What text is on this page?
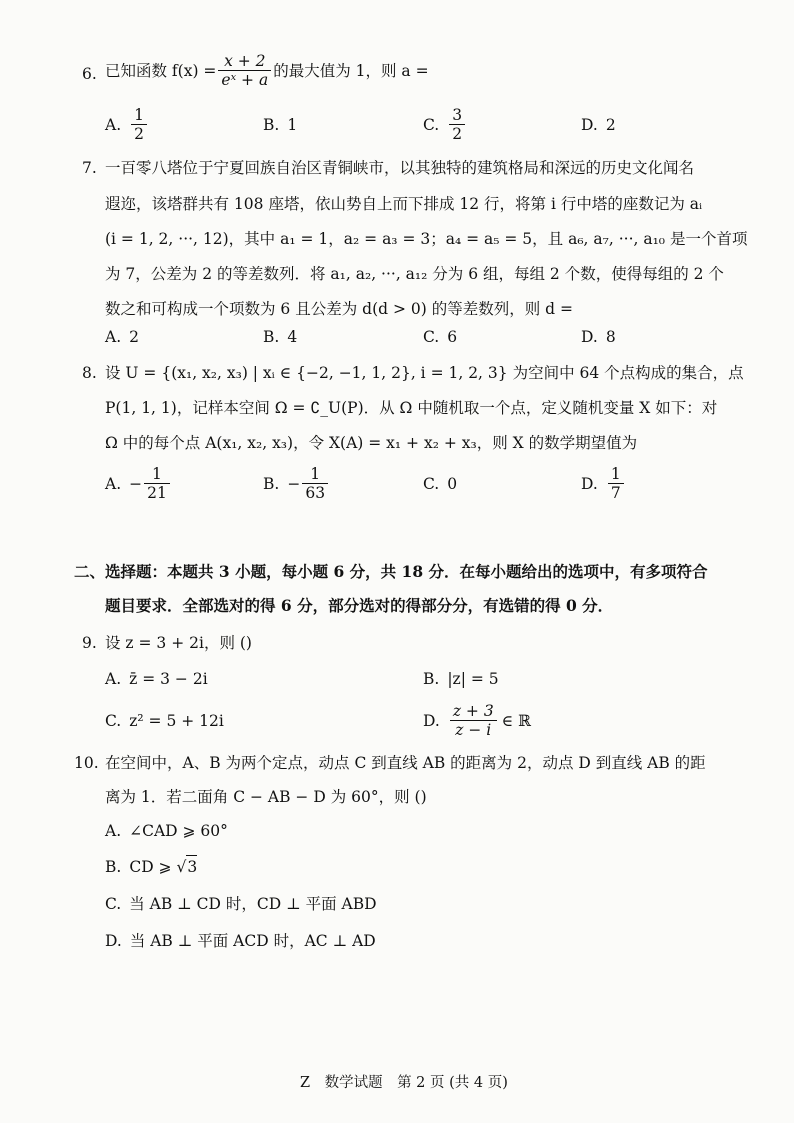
6. 已知函数 $f(x) = \frac{x + 2}{\text{eˣ + a}}$ 的最大值为 1，则 a =
A. $\frac{1}{2}$	B. 1	C. $\frac{3}{2}$	D. 2
7. 一百零八塔位于宁夏回族自治区青铜峡市，以其独特的建筑格局和深远的历史文化闻名
遐迩，该塔群共有 108 座塔，依山势自上而下排成 12 行，将第 i 行中塔的座数记为 aᵢ
(i = 1, 2, ···, 12)，其中 a₁ = 1，a₂ = a₃ = 3；a₄ = a₅ = 5，且 a₆, a₇, ···, a₁₀ 是一个首项
为 7，公差为 2 的等差数列．将 a₁, a₂, ···, a₁₂ 分为 6 组，每组 2 个数，使得每组的 2 个
数之和可构成一个项数为 6 且公差为 d(d > 0) 的等差数列，则 d =
A. 2	B. 4	C. 6	D. 8
8. 设 U = {(x₁, x₂, x₃) | xᵢ ∈ {−2, −1, 1, 2}, i = 1, 2, 3} 为空间中 64 个点构成的集合，点
P(1, 1, 1)，记样本空间 Ω = ∁_U(P)．从 Ω 中随机取一个点，定义随机变量 X 如下：对
Ω 中的每个点 A(x₁, x₂, x₃)，令 X(A) = x₁ + x₂ + x₃，则 X 的数学期望值为
A. − $\frac{1}{21}$	B. − $\frac{1}{63}$	C. 0	D. $\frac{1}{7}$
二、选择题：本题共 3 小题，每小题 6 分，共 18 分．在每小题给出的选项中，有多项符合
题目要求．全部选对的得 6 分，部分选对的得部分分，有选错的得 0 分．
9. 设 z = 3 + 2i，则 ()
A. z̄ = 3 − 2i	B. |z| = 5
C. z² = 5 + 12i	D. $\frac{z + 3}{z - i}$ ∈ ℝ
10. 在空间中，A、B 为两个定点，动点 C 到直线 AB 的距离为 2，动点 D 到直线 AB 的距
离为 1．若二面角 C − AB − D 为 60°，则 ()
A. ∠CAD ⩾ 60°
B. CD ⩾ √ 3
C. 当 AB ⊥ CD 时，CD ⊥ 平面 ABD
D. 当 AB ⊥ 平面 ACD 时，AC ⊥ AD
Z　数学试题　第 2 页 (共 4 页)
